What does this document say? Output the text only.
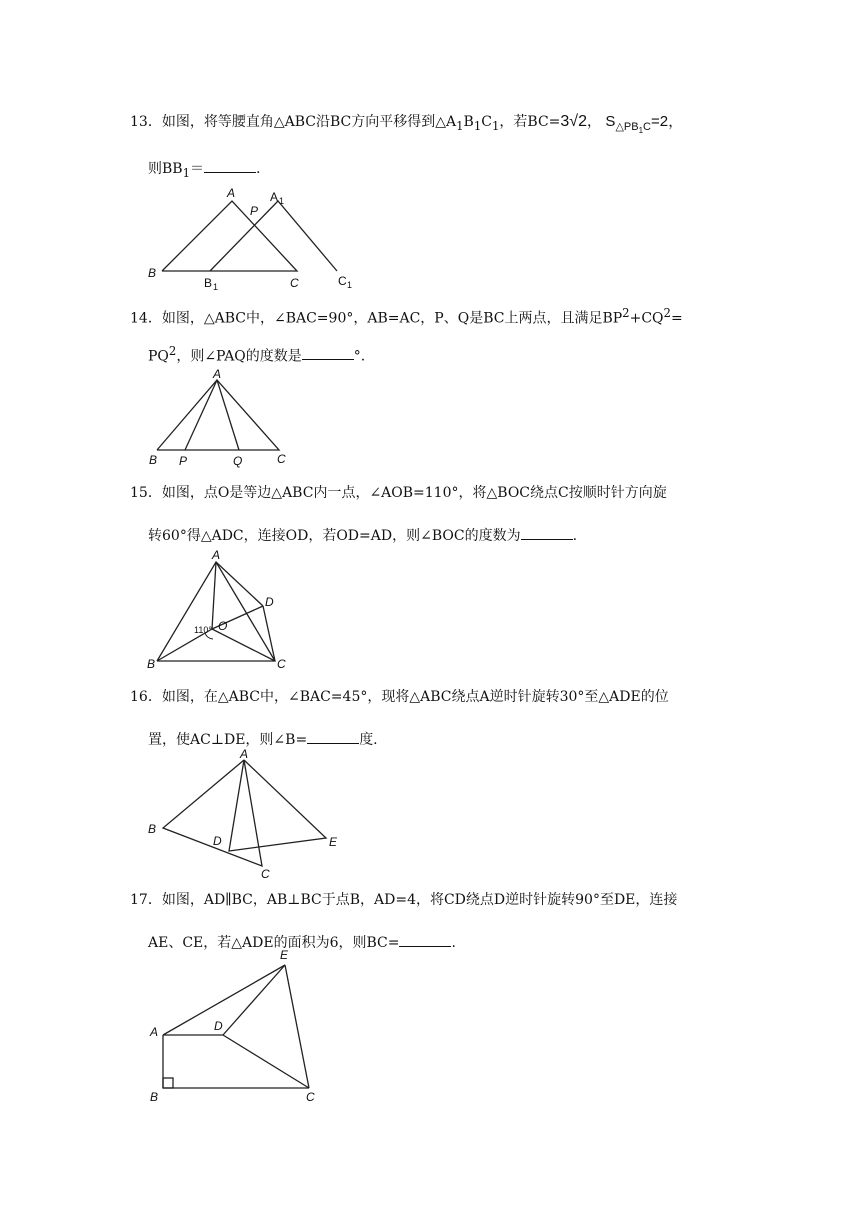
13．如图，将等腰直角△ABC沿BC方向平移得到$\triangle A_1B_1C_1$，若BC=3√2， $S_{\triangle PB_1C}=2$，

则$BB_1=$	.

A
P
A 1
B
B 1	C	C 1

14．如图，△ABC中，∠BAC=90°，AB=AC，P、Q是BC上两点，且满足$BP^2+CQ^2=$

$PQ^2$，则∠PAQ的度数是	°.

A
B P	Q	C

15．如图，点O是等边△ABC内一点，∠AOB=110°，将△BOC绕点C按顺时针方向旋

转60°得△ADC，连接OD，若OD=AD，则∠BOC的度数为	.

A
D
O
110°
B	C

16．如图，在△ABC中，∠BAC=45°，现将△ABC绕点A逆时针旋转30°至△ADE的位

置，使AC⊥DE，则∠B=	度.

A
B
D	E
C

17．如图，AD∥BC，AB⊥BC于点B，AD=4，将CD绕点D逆时针旋转90°至DE，连接

AE、CE，若△ADE的面积为6，则BC=	.

E
A	D
B	C
